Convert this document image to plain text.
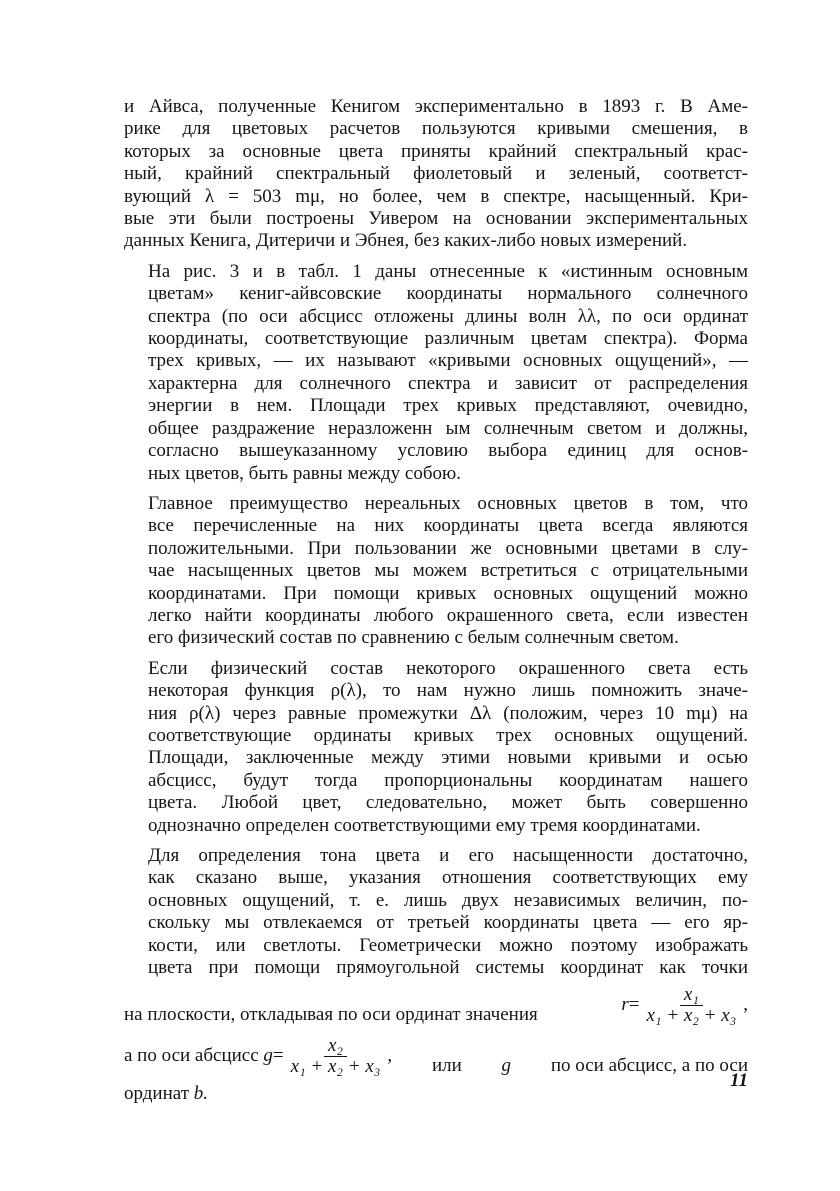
и Айвса, полученные Кенигом экспериментально в 1893 г. В Аме-
рике для цветовых расчетов пользуются кривыми смешения, в
которых за основные цвета приняты крайний спектральный крас-
ный, крайний спектральный фиолетовый и зеленый, соответст-
вующий λ = 503 mμ, но более, чем в спектре, насыщенный. Кри-
вые эти были построены Уивером на основании экспериментальных
данных Кенига, Дитеричи и Эбнея, без каких-либо новых измерений.

На рис. 3 и в табл. 1 даны отнесенные к «истинным основным
цветам» кениг-айвсовские координаты нормального солнечного
спектра (по оси абсцисс отложены длины волн λλ, по оси ординат
координаты, соответствующие различным цветам спектра). Форма
трех кривых, — их называют «кривыми основных ощущений», —
характерна для солнечного спектра и зависит от распределения
энергии в нем. Площади трех кривых представляют, очевидно,
общее раздражение неразложенн ым солнечным светом и должны,
согласно вышеуказанному условию выбора единиц для основ-
ных цветов, быть равны между собою.

Главное преимущество нереальных основных цветов в том, что
все перечисленные на них координаты цвета всегда являются
положительными. При пользовании же основными цветами в слу-
чае насыщенных цветов мы можем встретиться с отрицательными
координатами. При помощи кривых основных ощущений можно
легко найти координаты любого окрашенного света, если известен
его физический состав по сравнению с белым солнечным светом.

Если физический состав некоторого окрашенного света есть
некоторая функция ρ(λ), то нам нужно лишь помножить значе-
ния ρ(λ) через равные промежутки Δλ (положим, через 10 mμ) на
соответствующие ординаты кривых трех основных ощущений.
Площади, заключенные между этими новыми кривыми и осью
абсцисс, будут тогда пропорциональны координатам нашего
цвета. Любой цвет, следовательно, может быть совершенно
однозначно определен соответствующими ему тремя координатами.

Для определения тона цвета и его насыщенности достаточно,
как сказано выше, указания отношения соответствующих ему
основных ощущений, т. е. лишь двух независимых величин, по-
скольку мы отвлекаемся от третьей координаты цвета — его яр-
кости, или светлоты. Геометрически можно поэтому изображать
цвета при помощи прямоугольной системы координат как точки

на плоскости, откладывая по оси ординат значения	$r= \frac{\text{x₁}}{\text{x₁ + x₂ + x₃}}$ ,
а по оси абсцисс $g= \frac{\text{x₂}}{\text{x₁ + x₂ + x₃}}$ , или g по оси абсцисс, а по оси
ординат b.
11
